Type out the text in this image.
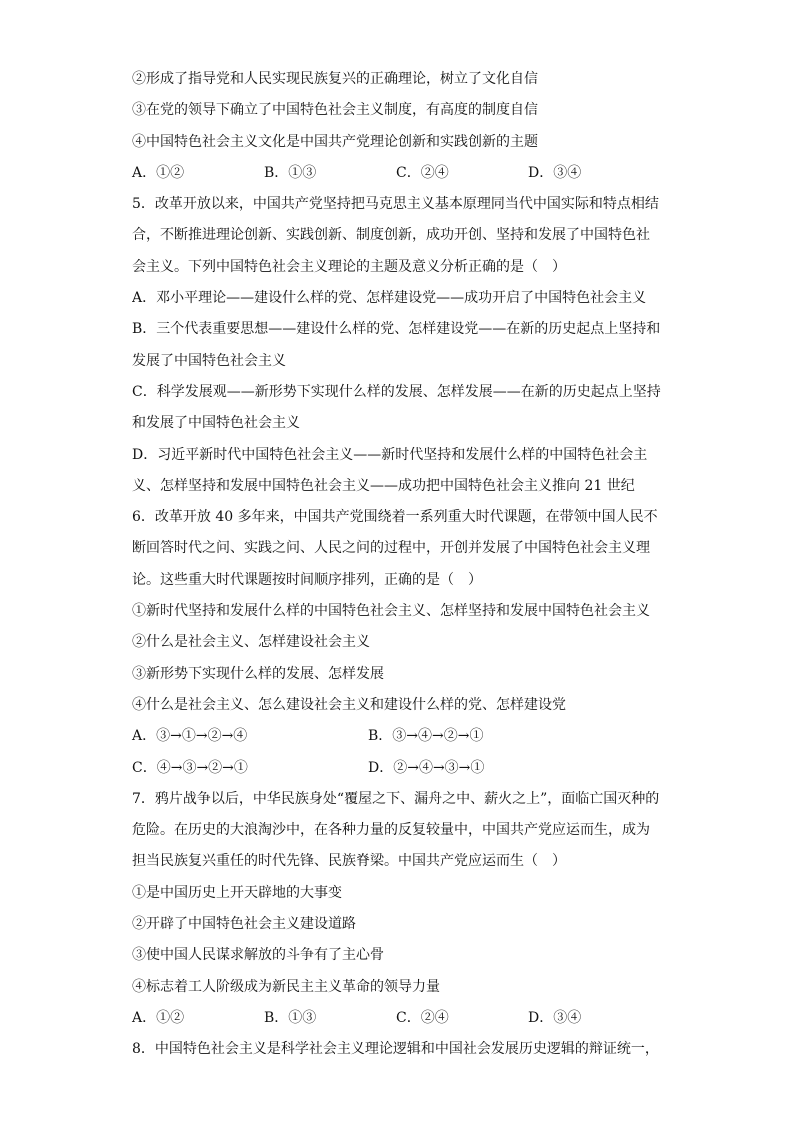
②形成了指导党和人民实现民族复兴的正确理论，树立了文化自信
③在党的领导下确立了中国特色社会主义制度，有高度的制度自信
④中国特色社会主义文化是中国共产党理论创新和实践创新的主题
A．①②	B．①③	C．②④	D．③④
5．改革开放以来，中国共产党坚持把马克思主义基本原理同当代中国实际和特点相结
合，不断推进理论创新、实践创新、制度创新，成功开创、坚持和发展了中国特色社
会主义。下列中国特色社会主义理论的主题及意义分析正确的是（　）
A．邓小平理论——建设什么样的党、怎样建设党——成功开启了中国特色社会主义
B．三个代表重要思想——建设什么样的党、怎样建设党——在新的历史起点上坚持和
发展了中国特色社会主义
C．科学发展观——新形势下实现什么样的发展、怎样发展——在新的历史起点上坚持
和发展了中国特色社会主义
D．习近平新时代中国特色社会主义——新时代坚持和发展什么样的中国特色社会主
义、怎样坚持和发展中国特色社会主义——成功把中国特色社会主义推向 21 世纪
6．改革开放 40 多年来，中国共产党围绕着一系列重大时代课题，在带领中国人民不
断回答时代之问、实践之问、人民之问的过程中，开创并发展了中国特色社会主义理
论。这些重大时代课题按时间顺序排列，正确的是（　）
①新时代坚持和发展什么样的中国特色社会主义、怎样坚持和发展中国特色社会主义
②什么是社会主义、怎样建设社会主义
③新形势下实现什么样的发展、怎样发展
④什么是社会主义、怎么建设社会主义和建设什么样的党、怎样建设党
A．③→①→②→④	B．③→④→②→①
C．④→③→②→①	D．②→④→③→①
7．鸦片战争以后，中华民族身处“覆屋之下、漏舟之中、薪火之上”，面临亡国灭种的
危险。在历史的大浪淘沙中，在各种力量的反复较量中，中国共产党应运而生，成为
担当民族复兴重任的时代先锋、民族脊梁。中国共产党应运而生（　）
①是中国历史上开天辟地的大事变
②开辟了中国特色社会主义建设道路
③使中国人民谋求解放的斗争有了主心骨
④标志着工人阶级成为新民主主义革命的领导力量
A．①②	B．①③	C．②④	D．③④
8．中国特色社会主义是科学社会主义理论逻辑和中国社会发展历史逻辑的辩证统一，
